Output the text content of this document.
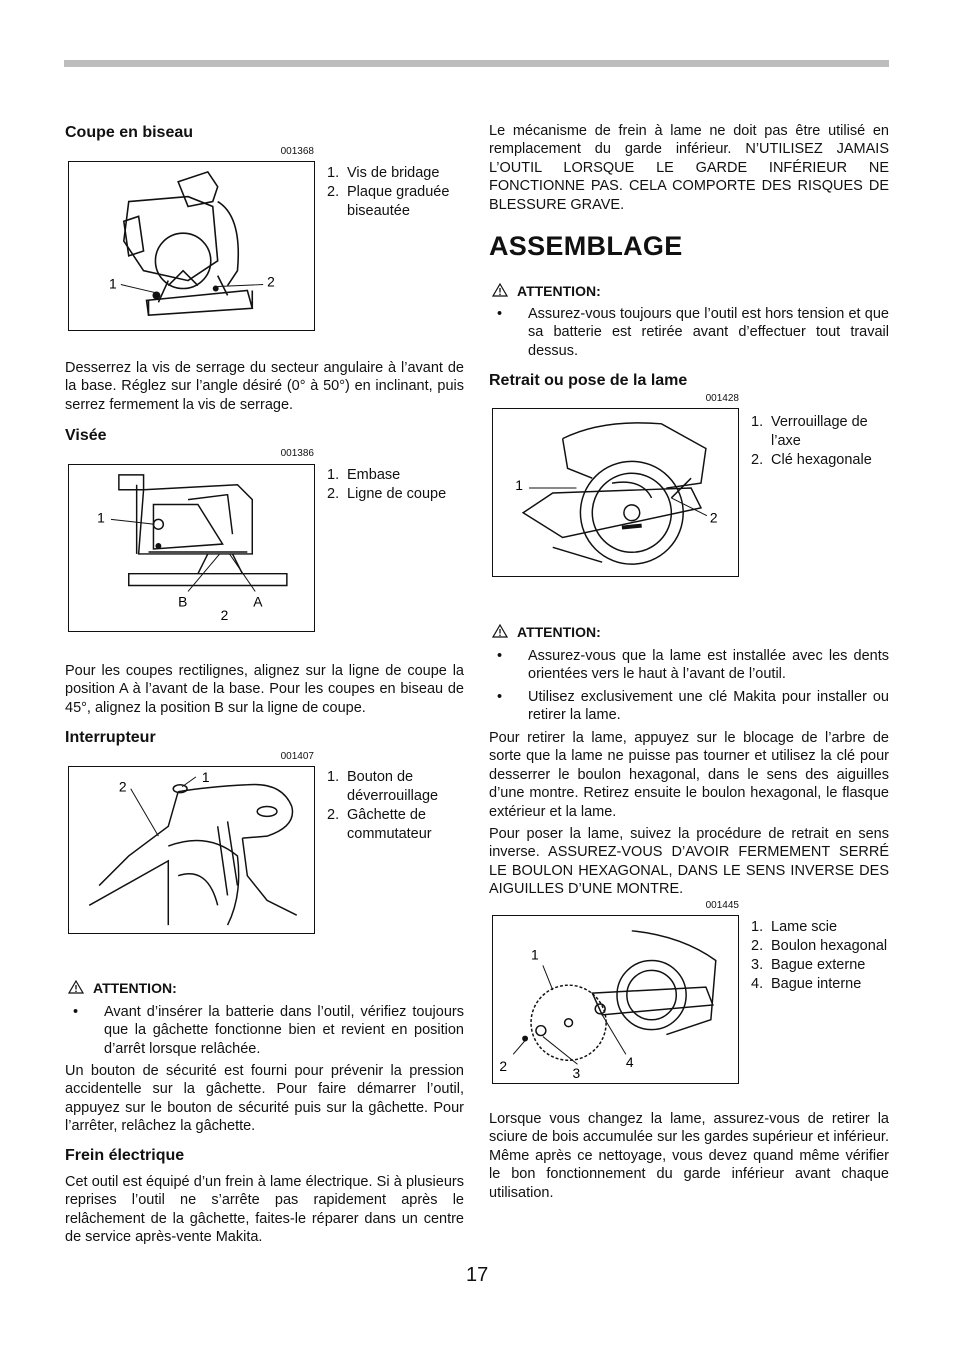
Coupe en biseau
001368
1	2
1. Vis de bridage
2. Plaque graduée biseautée

Desserrez la vis de serrage du secteur angulaire à l’avant de la base. Réglez sur l’angle désiré (0° à 50°) en inclinant, puis serrez fermement la vis de serrage.

Visée
001386
1
B
2
A
1. Embase
2. Ligne de coupe

Pour les coupes rectilignes, alignez sur la ligne de coupe la position A à l’avant de la base. Pour les coupes en biseau de 45°, alignez la position B sur la ligne de coupe.

Interrupteur
001407
2
1	1. Bouton de déverrouillage
2. Gâchette de commutateur
ATTENTION:

• Avant d’insérer la batterie dans l’outil, vérifiez toujours que la gâchette fonctionne bien et revient en position d’arrêt lorsque relâchée.

Un bouton de sécurité est fourni pour prévenir la pression accidentelle sur la gâchette. Pour faire démarrer l’outil, appuyez sur le bouton de sécurité puis sur la gâchette. Pour l’arrêter, relâchez la gâchette.

Frein électrique

Cet outil est équipé d’un frein à lame électrique. Si à plusieurs reprises l’outil ne s’arrête pas rapidement après le relâchement de la gâchette, faites-le réparer dans un centre de service après-vente Makita.

Le mécanisme de frein à lame ne doit pas être utilisé en remplacement du garde inférieur. N’UTILISEZ JAMAIS L’OUTIL LORSQUE LE GARDE INFÉRIEUR NE FONCTIONNE PAS. CELA COMPORTE DES RISQUES DE BLESSURE GRAVE.

ASSEMBLAGE
ATTENTION:

• Assurez-vous toujours que l’outil est hors tension et que sa batterie est retirée avant d’effectuer tout travail dessus.

Retrait ou pose de la lame
001428
1
2
1. Verrouillage de l’axe
2. Clé hexagonale
ATTENTION:

• Assurez-vous que la lame est installée avec les dents orientées vers le haut à l’avant de l’outil.

• Utilisez exclusivement une clé Makita pour installer ou retirer la lame.

Pour retirer la lame, appuyez sur le blocage de l’arbre de sorte que la lame ne puisse pas tourner et utilisez la clé pour desserrer le boulon hexagonal, dans le sens des aiguilles d’une montre. Retirez ensuite le boulon hexagonal, le flasque extérieur et la lame.

Pour poser la lame, suivez la procédure de retrait en sens inverse. ASSUREZ-VOUS D’AVOIR FERMEMENT SERRÉ LE BOULON HEXAGONAL, DANS LE SENS INVERSE DES AIGUILLES D’UNE MONTRE.

001445
1
2	3
4
1. Lame scie
2. Boulon hexagonal
3. Bague externe
4. Bague interne

Lorsque vous changez la lame, assurez-vous de retirer la sciure de bois accumulée sur les gardes supérieur et inférieur. Même après ce nettoyage, vous devez quand même vérifier le bon fonctionnement du garde inférieur avant chaque utilisation.

17
